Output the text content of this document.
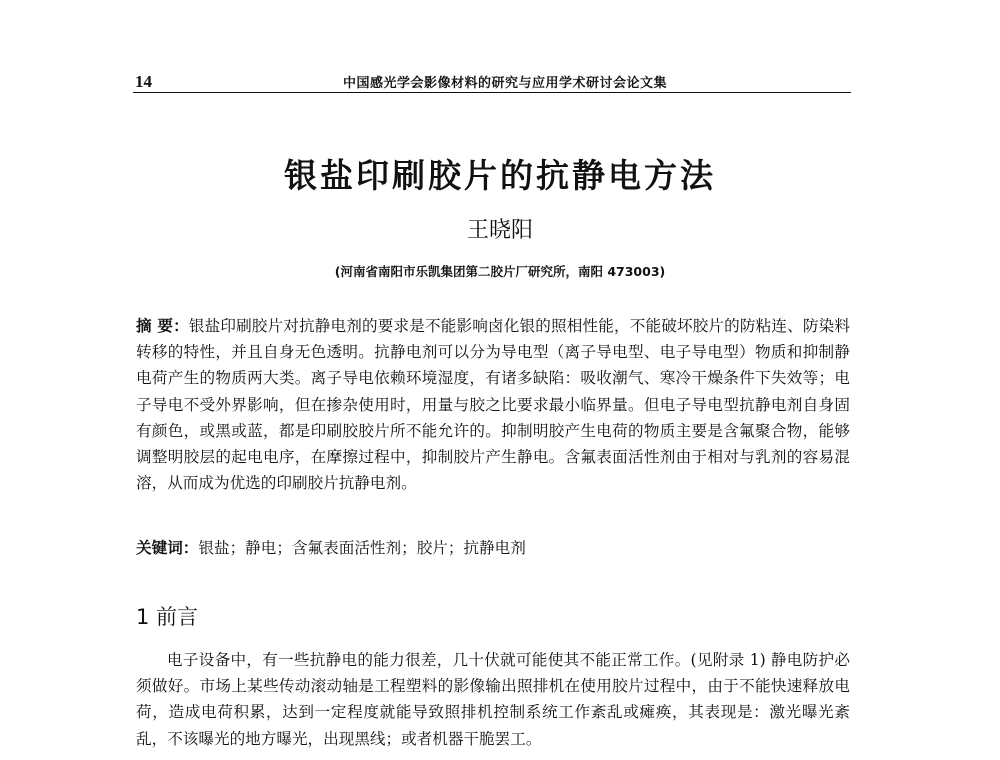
14	中国感光学会影像材料的研究与应用学术研讨会论文集
银盐印刷胶片的抗静电方法
王晓阳
(河南省南阳市乐凯集团第二胶片厂研究所，南阳 473003)
摘 要：银盐印刷胶片对抗静电剂的要求是不能影响卤化银的照相性能，不能破坏胶片的防粘连、防染料转移的特性，并且自身无色透明。抗静电剂可以分为导电型（离子导电型、电子导电型）物质和抑制静电荷产生的物质两大类。离子导电依赖环境湿度，有诸多缺陷：吸收潮气、寒冷干燥条件下失效等；电子导电不受外界影响，但在掺杂使用时，用量与胶之比要求最小临界量。但电子导电型抗静电剂自身固有颜色，或黑或蓝，都是印刷胶胶片所不能允许的。抑制明胶产生电荷的物质主要是含氟聚合物，能够调整明胶层的起电电序，在摩擦过程中，抑制胶片产生静电。含氟表面活性剂由于相对与乳剂的容易混溶，从而成为优选的印刷胶片抗静电剂。
关键词：银盐；静电；含氟表面活性剂；胶片；抗静电剂
1 前言
电子设备中，有一些抗静电的能力很差，几十伏就可能使其不能正常工作。(见附录 1) 静电防护必须做好。市场上某些传动滚动轴是工程塑料的影像输出照排机在使用胶片过程中，由于不能快速释放电荷，造成电荷积累，达到一定程度就能导致照排机控制系统工作紊乱或瘫痪，其表现是：激光曝光紊乱，不该曝光的地方曝光，出现黑线；或者机器干脆罢工。
